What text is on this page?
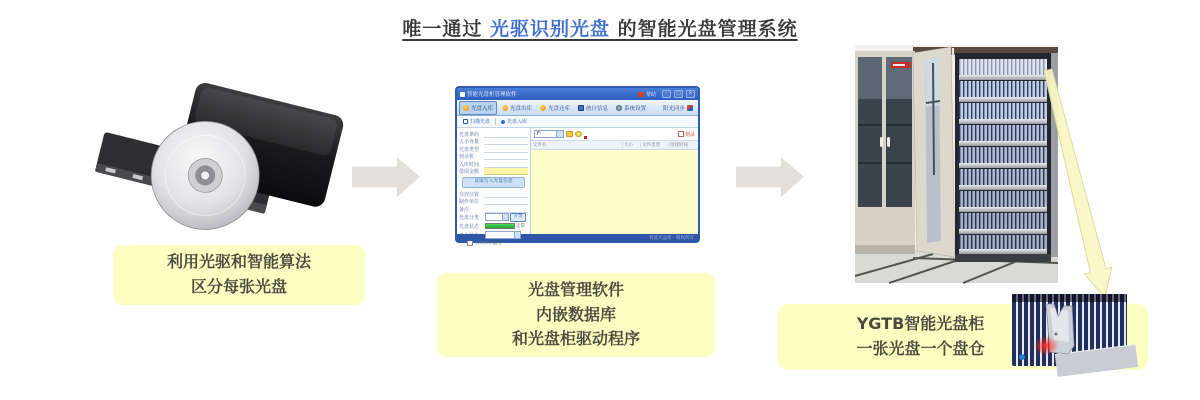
唯一通过 光驱识别光盘 的智能光盘管理系统
智能光盘柜管理软件	帮助	–	□	×
光盘入库	光盘出库	光盘还库	统计信息	系统设置	阳光同步
扫描光盘	光盘入库
光盘条码
大小容量
光盘类型
刻录机
入库时间
借阅金额
读取写入光盘信息
存放位置
制作单位
备注
光盘分类	分类
光盘状态	正常
自动弹出盘仓
F:	刻录
文件名	大小	文件类型	创建时间
智能光盘柜 - 版权所有
利用光驱和智能算法
区分每张光盘	光盘管理软件
内嵌数据库
和光盘柜驱动程序
YGTB智能光盘柜
一张光盘一个盘仓
